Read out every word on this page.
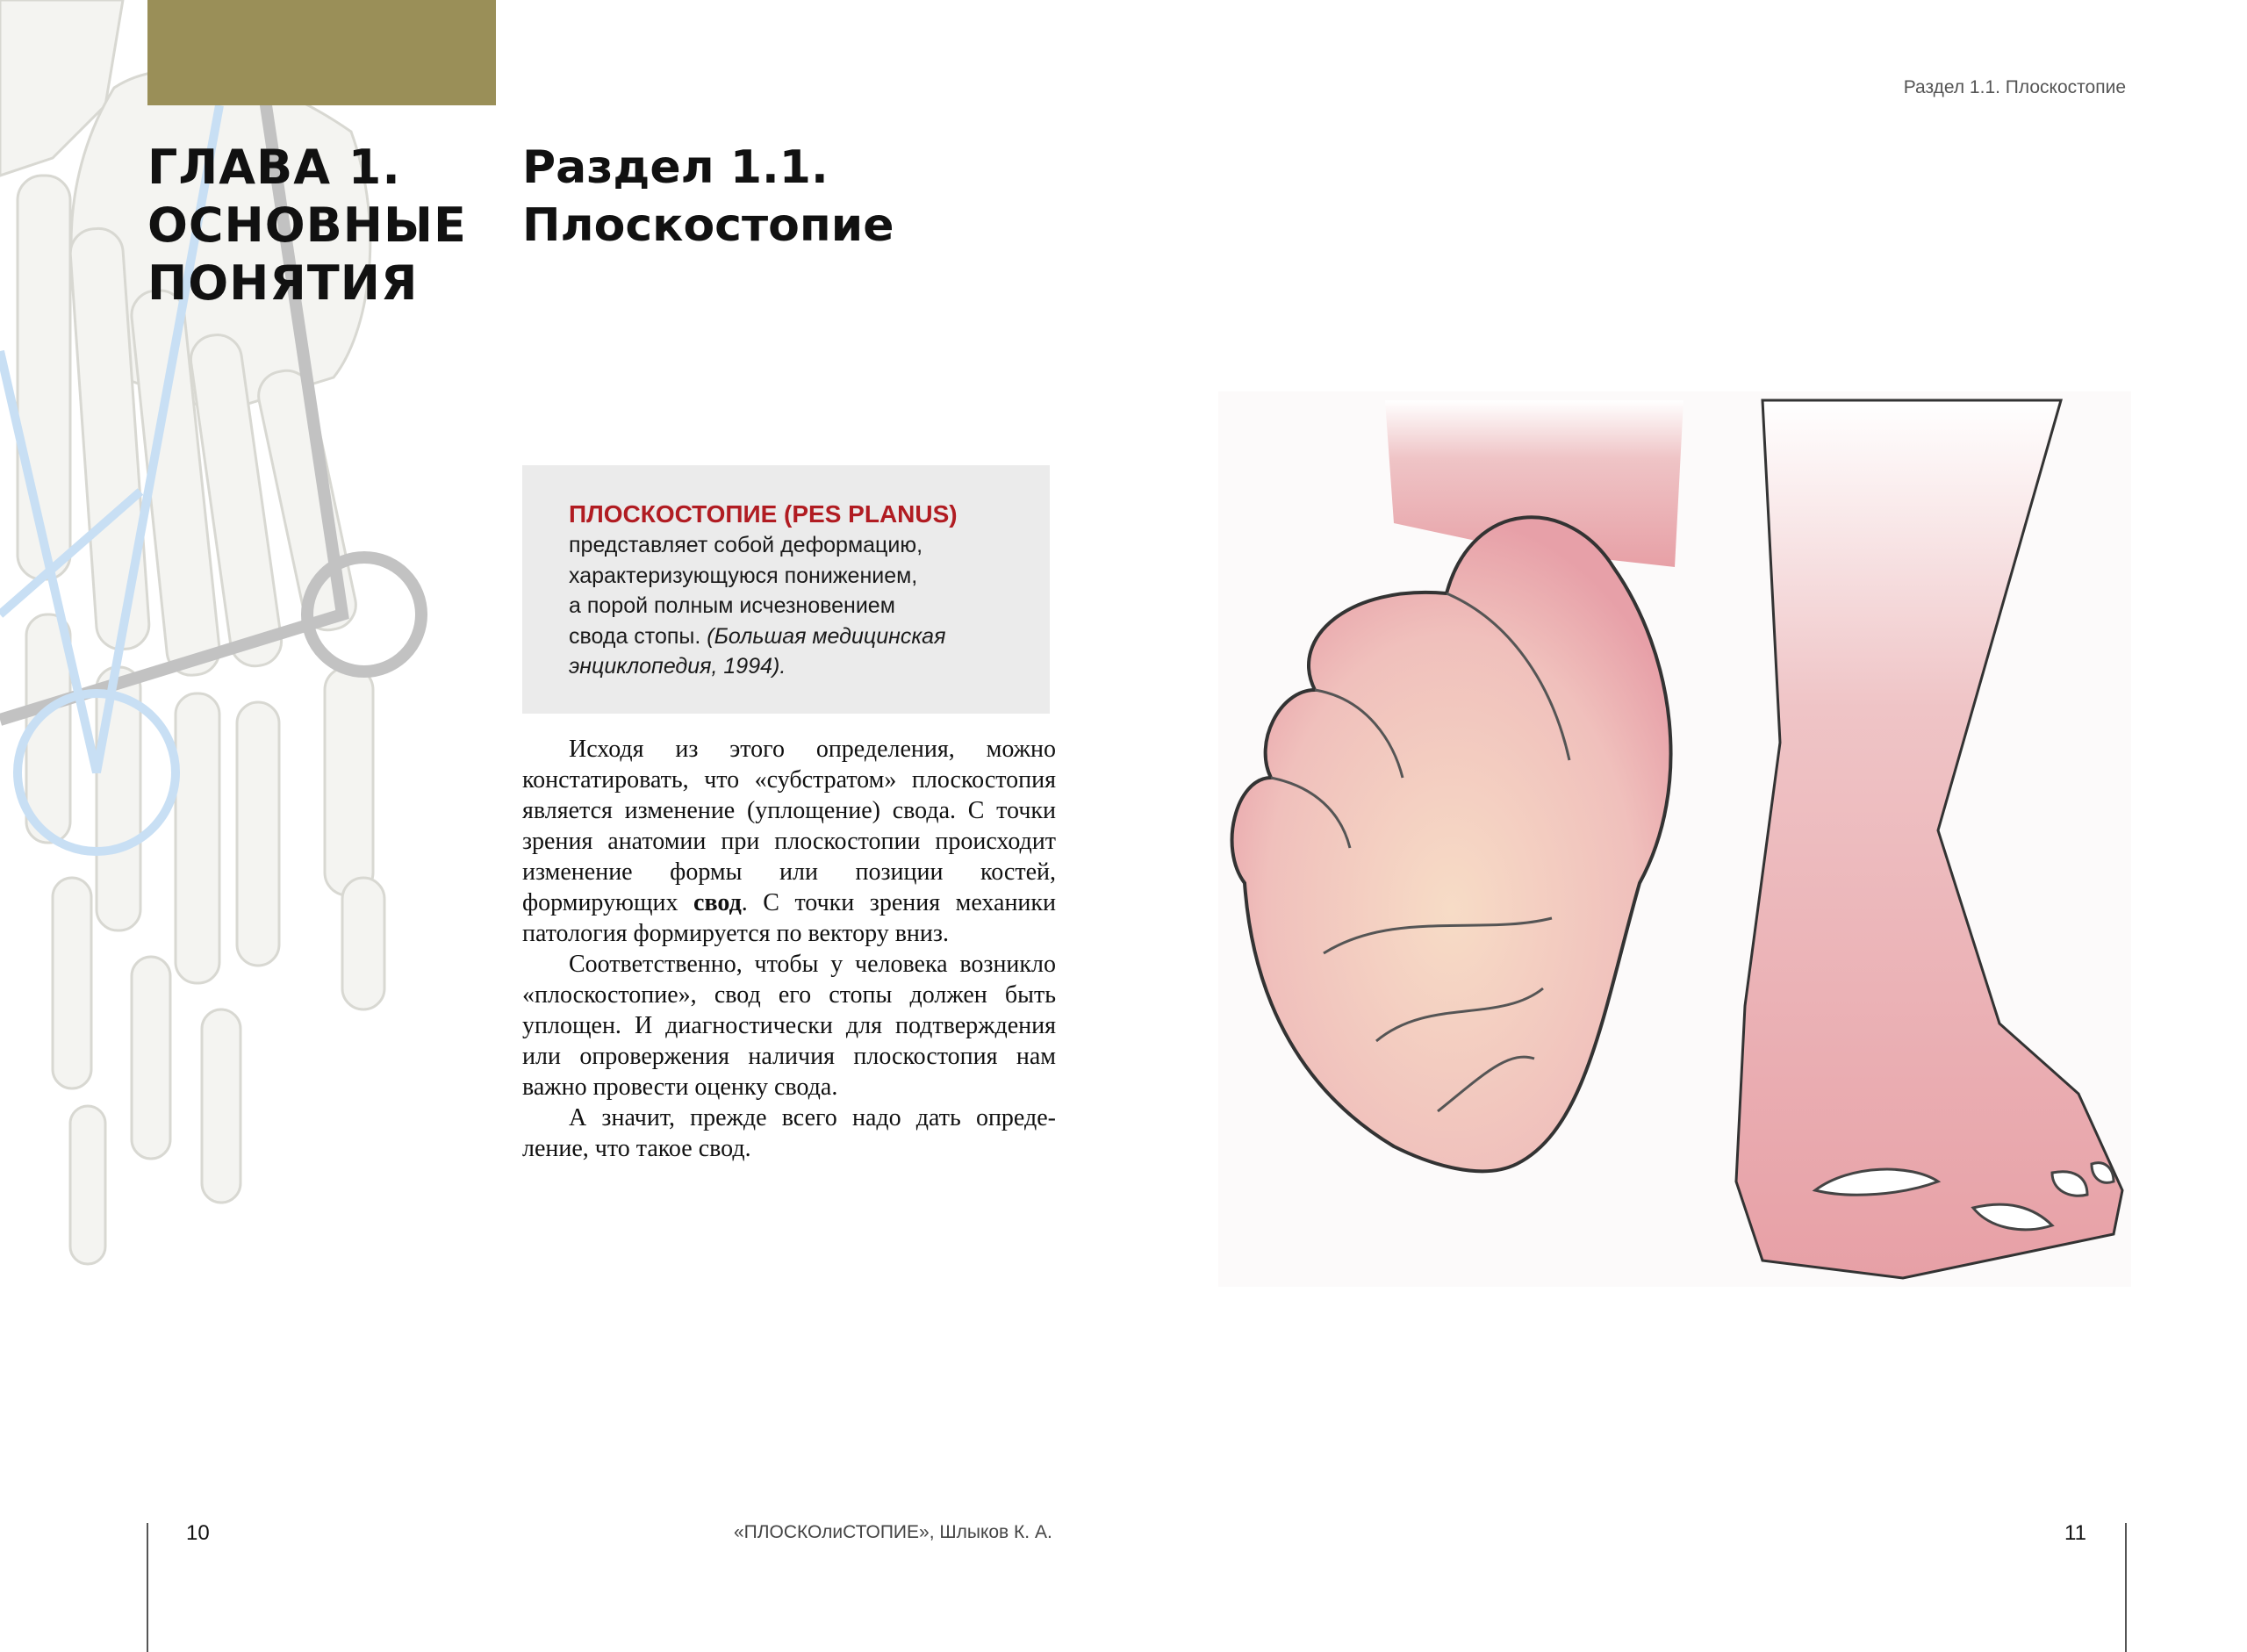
ГЛАВА 1.
ОСНОВНЫЕ
ПОНЯТИЯ
Раздел 1.1.
Плоскостопие
Раздел 1.1. Плоскостопие
ПЛОСКОСТОПИЕ (PES PLANUS)
представляет собой деформацию,
характеризующуюся понижением,
а порой полным исчезновением
свода стопы. (Большая медицинская
энциклопедия, 1994).

Исходя из этого определения, можно констатировать, что «субстратом» плоскостопия является изменение (уплощение) свода. С точки зрения анатомии при плоскостопии происходит изменение формы или позиции костей, формирующих свод. С точки зрения механики патология формируется по вектору вниз.

Соответственно, чтобы у человека возникло «плоскостопие», свод его стопы должен быть уплощен. И диагностически для подтверждения или опровержения наличия плоскостопия нам важно провести оценку свода.

А значит, прежде всего надо дать определение, что такое свод.

10	«ПЛОСКОлиСТОПИЕ», Шлыков К. А.	11
